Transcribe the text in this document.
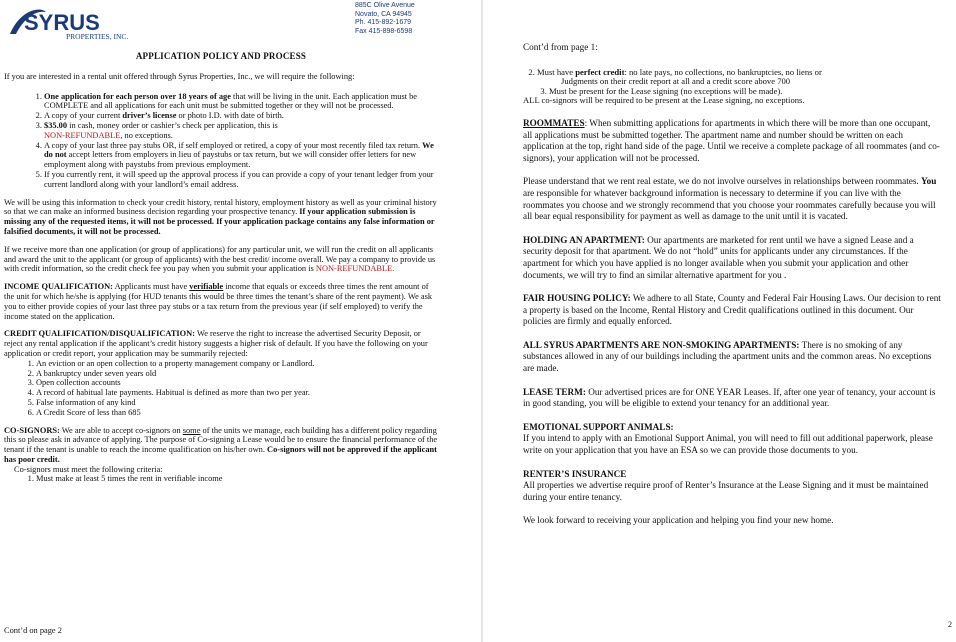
SYRUS
PROPERTIES, INC.
885C Olive Avenue
Novato, CA 94945
Ph. 415-892-1679
Fax 415-898-6598
APPLICATION POLICY AND PROCESS

If you are interested in a rental unit offered through Syrus Properties, Inc., we will require the following:

1. One application for each person over 18 years of age that will be living in the unit. Each application must be COMPLETE and all applications for each unit must be submitted together or they will not be processed.
2. A copy of your current driver’s license or photo I.D. with date of birth.
3. $35.00 in cash, money order or cashier’s check per application, this is
NON-REFUNDABLE, no exceptions.
4. A copy of your last three pay stubs OR, if self employed or retired, a copy of your most recently filed tax return. We do not accept letters from employers in lieu of paystubs or tax return, but we will consider offer letters for new employment along with paystubs from previous employment.
5. If you currently rent, it will speed up the approval process if you can provide a copy of your tenant ledger from your current landlord along with your landlord’s email address.

We will be using this information to check your credit history, rental history, employment history as well as your criminal history so that we can make an informed business decision regarding your prospective tenancy. If your application submission is missing any of the requested items, it will not be processed. If your application package contains any false information or falsified documents, it will not be processed.

If we receive more than one application (or group of applications) for any particular unit, we will run the credit on all applicants and award the unit to the applicant (or group of applicants) with the best credit/ income overall. We pay a company to provide us with credit information, so the credit check fee you pay when you submit your application is NON-REFUNDABLE.

INCOME QUALIFICATION: Applicants must have verifiable income that equals or exceeds three times the rent amount of the unit for which he/she is applying (for HUD tenants this would be three times the tenant’s share of the rent payment). We ask you to either provide copies of your last three pay stubs or a tax return from the previous year (if self employed) to verify the income stated on the application.

CREDIT QUALIFICATION/DISQUALIFICATION: We reserve the right to increase the advertised Security Deposit, or reject any rental application if the applicant’s credit history suggests a higher risk of default. If you have the following on your application or credit report, your application may be summarily rejected:

1. An eviction or an open collection to a property management company or Landlord.
2. A bankruptcy under seven years old
3. Open collection accounts
4. A record of habitual late payments. Habitual is defined as more than two per year.
5. False information of any kind
6. A Credit Score of less than 685

CO-SIGNORS: We are able to accept co-signors on some of the units we manage, each building has a different policy regarding this so please ask in advance of applying. The purpose of Co-signing a Lease would be to ensure the financial performance of the tenant if the tenant is unable to reach the income qualification on his/her own. Co-signors will not be approved if the applicant has poor credit.

Co-signors must meet the following criteria:

1. Must make at least 5 times the rent in verifiable income
Cont’d on page 2

Cont’d from page 1:

2. Must have perfect credit: no late pays, no collections, no bankruptcies, no liens or
Judgments on their credit report at all and a credit score above 700
3. Must be present for the Lease signing (no exceptions will be made).

ALL co-signors will be required to be present at the Lease signing, no exceptions.

ROOMMATES: When submitting applications for apartments in which there will be more than one occupant, all applications must be submitted together. The apartment name and number should be written on each application at the top, right hand side of the page. Until we receive a complete package of all roommates (and co-signors), your application will not be processed.

Please understand that we rent real estate, we do not involve ourselves in relationships between roommates. You are responsible for whatever background information is necessary to determine if you can live with the roommates you choose and we strongly recommend that you choose your roommates carefully because you will all bear equal responsibility for payment as well as damage to the unit until it is vacated.

HOLDING AN APARTMENT: Our apartments are marketed for rent until we have a signed Lease and a security deposit for that apartment. We do not “hold” units for applicants under any circumstances. If the apartment for which you have applied is no longer available when you submit your application and other documents, we will try to find an similar alternative apartment for you .

FAIR HOUSING POLICY: We adhere to all State, County and Federal Fair Housing Laws. Our decision to rent a property is based on the Income, Rental History and Credit qualifications outlined in this document. Our policies are firmly and equally enforced.

ALL SYRUS APARTMENTS ARE NON-SMOKING APARTMENTS: There is no smoking of any substances allowed in any of our buildings including the apartment units and the common areas. No exceptions are made.

LEASE TERM: Our advertised prices are for ONE YEAR Leases. If, after one year of tenancy, your account is in good standing, you will be eligible to extend your tenancy for an additional year.

EMOTIONAL SUPPORT ANIMALS:

If you intend to apply with an Emotional Support Animal, you will need to fill out additional paperwork, please write on your application that you have an ESA so we can provide those documents to you.

RENTER’S INSURANCE

All properties we advertise require proof of Renter’s Insurance at the Lease Signing and it must be maintained during your entire tenancy.

We look forward to receiving your application and helping you find your new home.

2
